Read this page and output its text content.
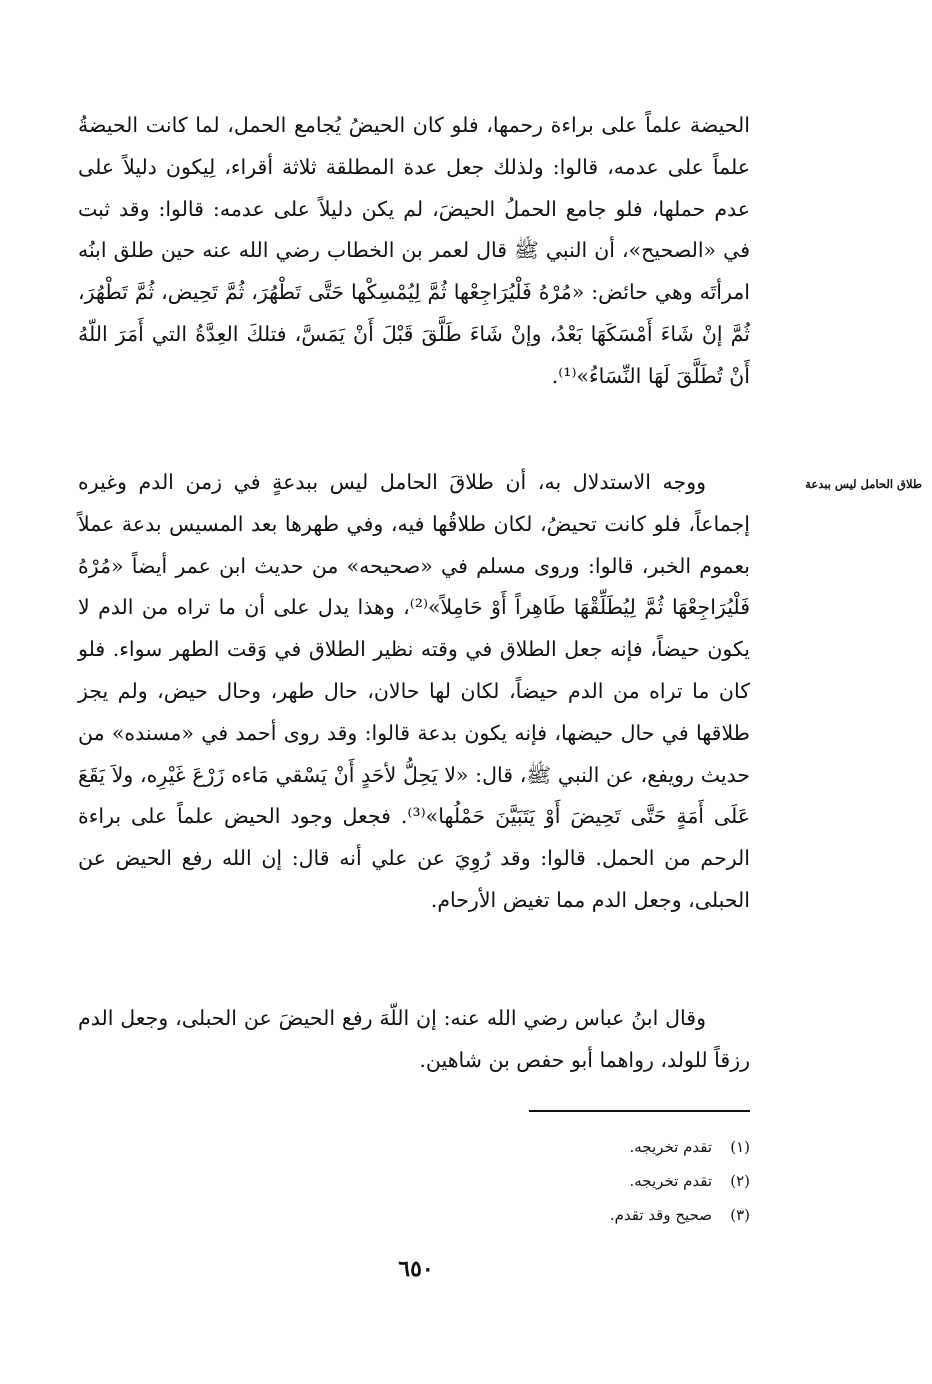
الحيضة علماً على براءة رحمها، فلو كان الحيضُ يُجامع الحمل، لما كانت الحيضةُ علماً على عدمه، قالوا: ولذلك جعل عدة المطلقة ثلاثة أقراء، لِيكون دليلاً على عدم حملها، فلو جامع الحملُ الحيضَ، لم يكن دليلاً على عدمه: قالوا: وقد ثبت في «الصحيح»، أن النبي ﷺ قال لعمر بن الخطاب رضي الله عنه حين طلق ابنُه امرأتَه وهي حائض: «مُرْهُ فَلْيُرَاجِعْها ثُمَّ لِيُمْسِكْها حَتَّى تَطْهُرَ، ثُمَّ تَحِيض، ثُمَّ تَطْهُرَ، ثُمَّ إنْ شَاءَ أَمْسَكَهَا بَعْدُ، وإنْ شَاءَ طَلَّقَ قَبْلَ أَنْ يَمَسَّ، فتلكَ العِدَّةُ التي أَمَرَ اللّهُ أَنْ تُطَلَّقَ لَهَا النِّسَاءُ»⁽¹⁾.

طلاق الحامل ليس ببدعة

ووجه الاستدلال به، أن طلاقَ الحامل ليس ببدعةٍ في زمن الدم وغيره إجماعاً، فلو كانت تحيضُ، لكان طلاقُها فيه، وفي طهرها بعد المسيس بدعة عملاً بعموم الخبر، قالوا: وروى مسلم في «صحيحه» من حديث ابن عمر أيضاً «مُرْهُ فَلْيُرَاجِعْهَا ثُمَّ لِيُطَلِّقْهَا طَاهِراً أَوْ حَامِلاً»⁽²⁾، وهذا يدل على أن ما تراه من الدم لا يكون حيضاً، فإنه جعل الطلاق في وقته نظير الطلاق في وَقت الطهر سواء. فلو كان ما تراه من الدم حيضاً، لكان لها حالان، حال طهر، وحال حيض، ولم يجز طلاقها في حال حيضها، فإنه يكون بدعة قالوا: وقد روى أحمد في «مسنده» من حديث رويفع، عن النبي ﷺ، قال: «لا يَحِلُّ لأحَدٍ أَنْ يَسْقي مَاءه زَرْعَ غَيْرِه، ولاَ يَقَعَ عَلَى أَمَةٍ حَتَّى تَحِيضَ أَوْ يَتَبَيَّنَ حَمْلُها»⁽³⁾. فجعل وجود الحيض علماً على براءة الرحم من الحمل. قالوا: وقد رُوِيَ عن علي أنه قال: إن الله رفع الحيض عن الحبلى، وجعل الدم مما تغيض الأرحام.

وقال ابنُ عباس رضي الله عنه: إن اللّهَ رفع الحيضَ عن الحبلى، وجعل الدم رزقاً للولد، رواهما أبو حفص بن شاهين.

(١)تقدم تخريجه.
(٢)تقدم تخريجه.
(٣)صحيح وقد تقدم.
٦٥٠
